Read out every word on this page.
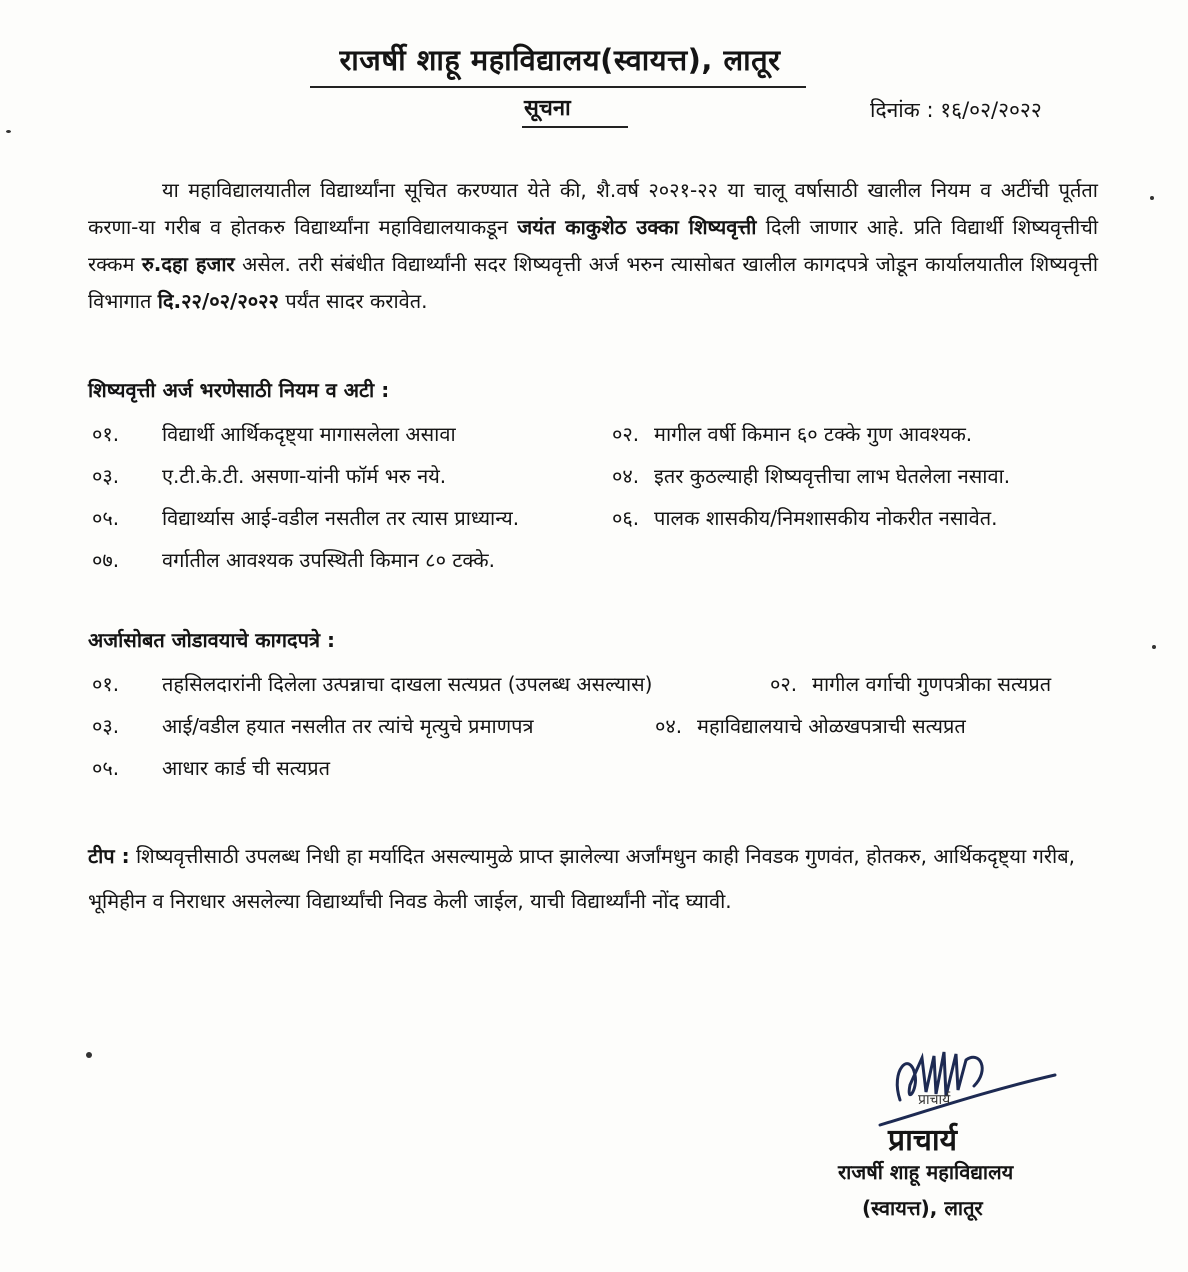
राजर्षी शाहू महाविद्यालय(स्वायत्त), लातूर
सूचना	दिनांक : १६/०२/२०२२
या महाविद्यालयातील विद्यार्थ्यांना सूचित करण्यात येते की, शै.वर्ष २०२१-२२ या चालू वर्षासाठी खालील नियम व अटींची पूर्तता करणा-या गरीब व होतकरु विद्यार्थ्यांना महाविद्यालयाकडून जयंत काकुशेठ उक्का शिष्यवृत्ती दिली जाणार आहे. प्रति विद्यार्थी शिष्यवृत्तीची रक्कम रु.दहा हजार असेल. तरी संबंधीत विद्यार्थ्यांनी सदर शिष्यवृत्ती अर्ज भरुन त्यासोबत खालील कागदपत्रे जोडून कार्यालयातील शिष्यवृत्ती विभागात दि.२२/०२/२०२२ पर्यंत सादर करावेत.
शिष्यवृत्ती अर्ज भरणेसाठी नियम व अटी :
०१. विद्यार्थी आर्थिकदृष्ट्या मागासलेला असावा	०२. मागील वर्षी किमान ६० टक्के गुण आवश्यक.
०३. ए.टी.के.टी. असणा-यांनी फॉर्म भरु नये.	०४. इतर कुठल्याही शिष्यवृत्तीचा लाभ घेतलेला नसावा.
०५. विद्यार्थ्यास आई-वडील नसतील तर त्यास प्राध्यान्य.	०६. पालक शासकीय/निमशासकीय नोकरीत नसावेत.
०७. वर्गातील आवश्यक उपस्थिती किमान ८० टक्के.
अर्जासोबत जोडावयाचे कागदपत्रे :
०१. तहसिलदारांनी दिलेला उत्पन्नाचा दाखला सत्यप्रत (उपलब्ध असल्यास)	०२. मागील वर्गाची गुणपत्रीका सत्यप्रत
०३. आई/वडील हयात नसलीत तर त्यांचे मृत्युचे प्रमाणपत्र	०४. महाविद्यालयाचे ओळखपत्राची सत्यप्रत
०५. आधार कार्ड ची सत्यप्रत
टीप : शिष्यवृत्तीसाठी उपलब्ध निधी हा मर्यादित असल्यामुळे प्राप्त झालेल्या अर्जांमधुन काही निवडक गुणवंत, होतकरु, आर्थिकदृष्ट्या गरीब, भूमिहीन व निराधार असलेल्या विद्यार्थ्यांची निवड केली जाईल, याची विद्यार्थ्यांनी नोंद घ्यावी.
प्राचार्य
प्राचार्य
राजर्षी शाहू महाविद्यालय
(स्वायत्त), लातूर
